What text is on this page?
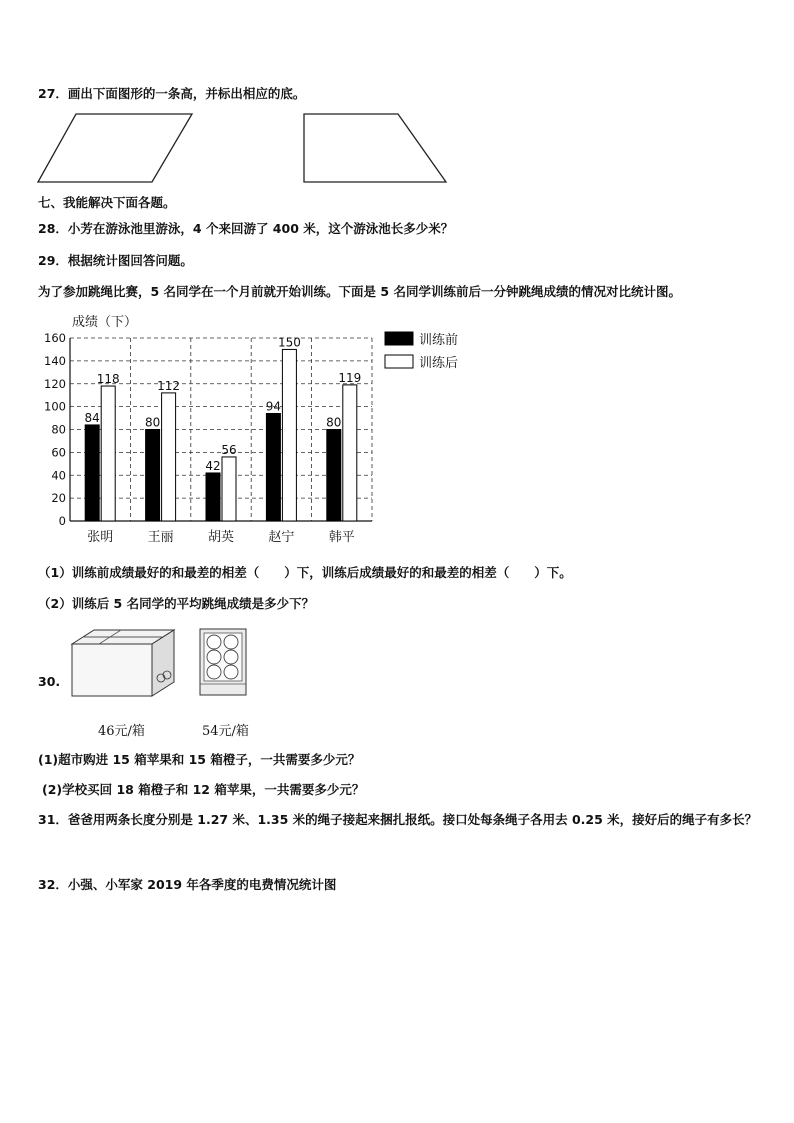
27．画出下面图形的一条高，并标出相应的底。
七、我能解决下面各题。
28．小芳在游泳池里游泳，4 个来回游了 400 米，这个游泳池长多少米？
29．根据统计图回答问题。
为了参加跳绳比赛，5 名同学在一个月前就开始训练。下面是 5 名同学训练前后一分钟跳绳成绩的情况对比统计图。
成绩（下）
0
20
40
60
80
100
120
140
160
84
118
张明
80
112
王丽
42
56
胡英
94
150
赵宁
80
119
韩平
训练前
训练后
（1）训练前成绩最好的和最差的相差（　　）下，训练后成绩最好的和最差的相差（　　）下。
（2）训练后 5 名同学的平均跳绳成绩是多少下？
30.
46元/箱	54元/箱
(1)超市购进 15 箱苹果和 15 箱橙子，一共需要多少元？
(2)学校买回 18 箱橙子和 12 箱苹果，一共需要多少元？
31．爸爸用两条长度分别是 1.27 米、1.35 米的绳子接起来捆扎报纸。接口处每条绳子各用去 0.25 米，接好后的绳子有多长？
32．小强、小军家 2019 年各季度的电费情况统计图
